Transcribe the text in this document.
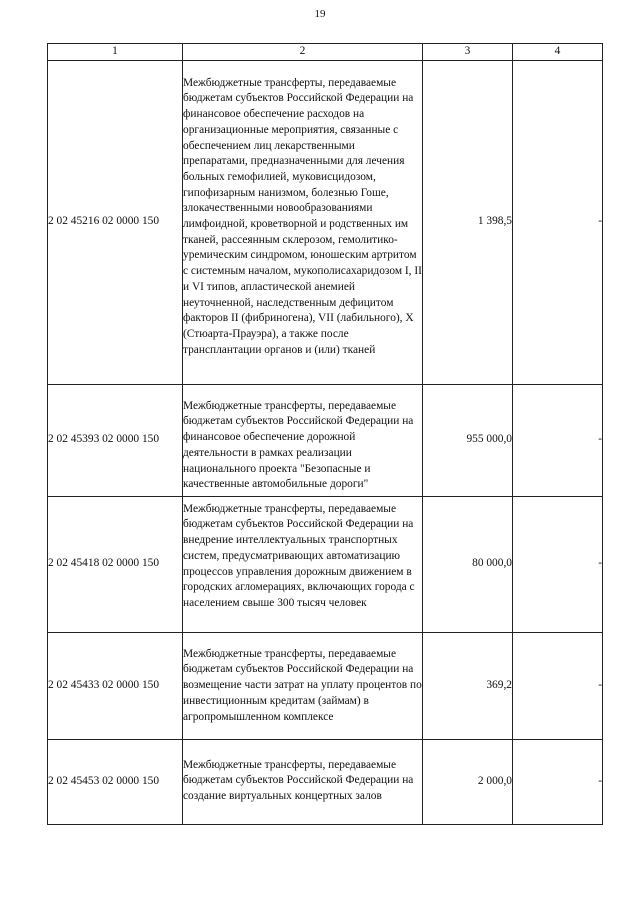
19
1	2	3	4
2 02 45216 02 0000 150	Межбюджетные трансферты, передаваемые бюджетам субъектов Российской Федерации на финансовое обеспечение расходов на организационные мероприятия, связанные с обеспечением лиц лекарственными препаратами, предназначенными для лечения больных гемофилией, муковисцидозом, гипофизарным нанизмом, болезнью Гоше, злокачественными новообразованиями лимфоидной, кроветворной и родственных им тканей, рассеянным склерозом, гемолитико-уремическим синдромом, юношеским артритом с системным началом, мукополисахаридозом I, II и VI типов, апластической анемией неуточненной, наследственным дефицитом факторов II (фибриногена), VII (лабильного), X (Стюарта-Прауэра), а также после трансплантации органов и (или) тканей	1 398,5	-
2 02 45393 02 0000 150	Межбюджетные трансферты, передаваемые бюджетам субъектов Российской Федерации на финансовое обеспечение дорожной деятельности в рамках реализации национального проекта "Безопасные и качественные автомобильные дороги"	955 000,0	-
2 02 45418 02 0000 150	Межбюджетные трансферты, передаваемые бюджетам субъектов Российской Федерации на внедрение интеллектуальных транспортных систем, предусматривающих автоматизацию процессов управления дорожным движением в городских агломерациях, включающих города с населением свыше 300 тысяч человек	80 000,0	-
2 02 45433 02 0000 150	Межбюджетные трансферты, передаваемые бюджетам субъектов Российской Федерации на возмещение части затрат на уплату процентов по инвестиционным кредитам (займам) в агропромышленном комплексе	369,2	-
2 02 45453 02 0000 150	Межбюджетные трансферты, передаваемые бюджетам субъектов Российской Федерации на создание виртуальных концертных залов	2 000,0	-
